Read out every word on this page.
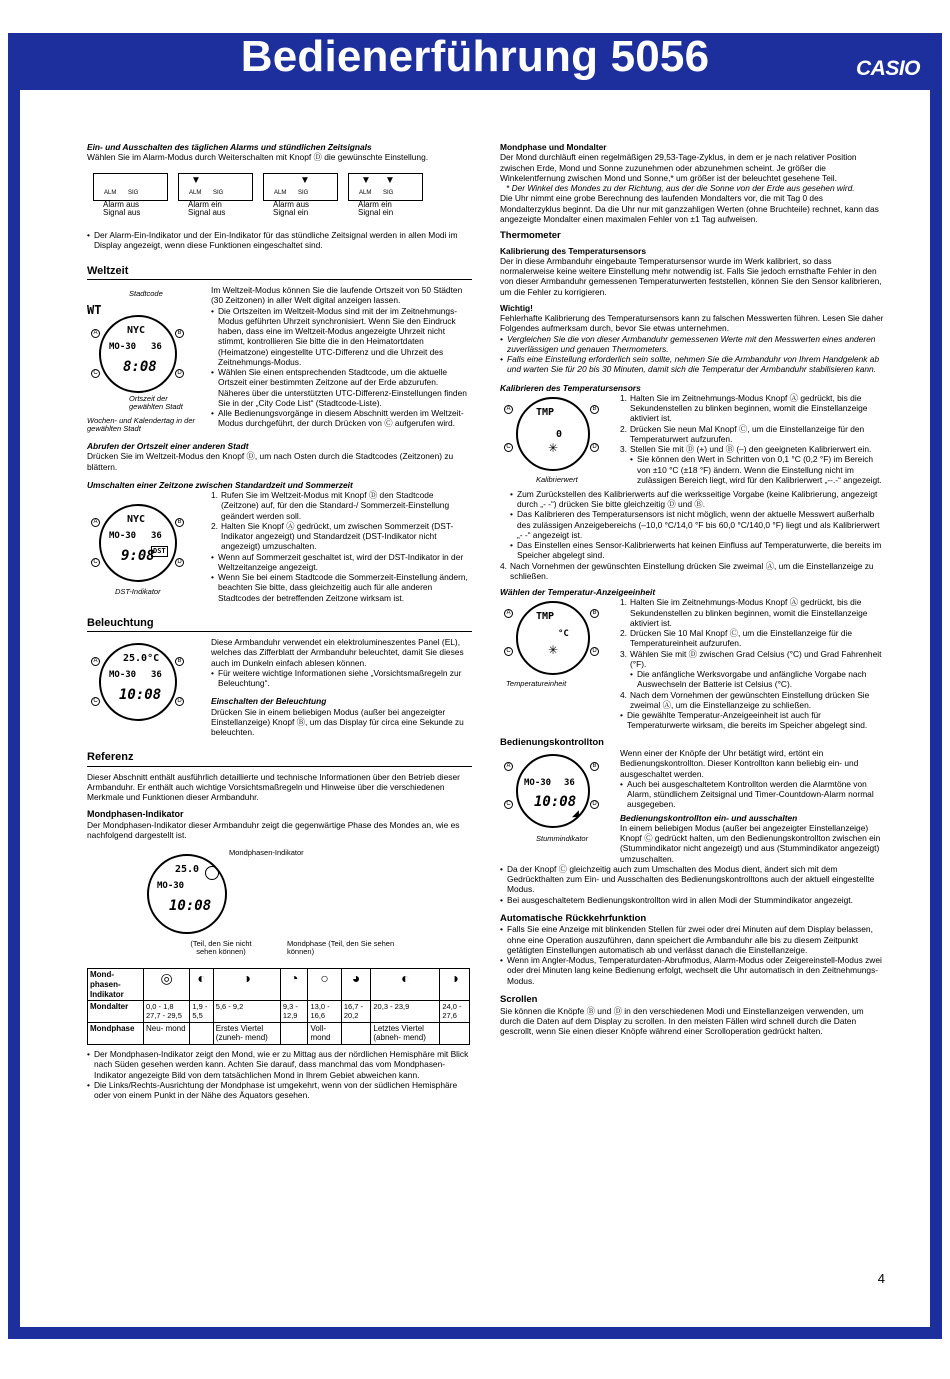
Bedienerführung 5056	CASIO

Ein- und Ausschalten des täglichen Alarms und stündlichen Zeitsignals

Wählen Sie im Alarm-Modus durch Weiterschalten mit Knopf Ⓓ die gewünschte Einstellung.

ALM SIG
▼
ALM SIG
▼
ALM SIG
▼ ▼
ALM SIG
Alarm aus
Signal aus
Alarm ein
Signal aus
Alarm aus
Signal ein
Alarm ein
Signal ein
• Der Alarm-Ein-Indikator und der Ein-Indikator für das stündliche Zeitsignal werden in allen Modi im Display angezeigt, wenn diese Funktionen eingeschaltet sind.
Weltzeit
WT
Stadtcode
NYC
MO-30 36
8:08
A	B
C	D
Ortszeit der gewählten Stadt
Wochen- und Kalendertag in der gewählten Stadt

Im Weltzeit-Modus können Sie die laufende Ortszeit von 50 Städten (30 Zeitzonen) in aller Welt digital anzeigen lassen.

• Die Ortszeiten im Weltzeit-Modus sind mit der im Zeitnehmungs-Modus geführten Uhrzeit synchronisiert. Wenn Sie den Eindruck haben, dass eine im Weltzeit-Modus angezeigte Uhrzeit nicht stimmt, kontrollieren Sie bitte die in den Heimatortdaten (Heimatzone) eingestellte UTC-Differenz und die Uhrzeit des Zeitnehmungs-Modus.
• Wählen Sie einen entsprechenden Stadtcode, um die aktuelle Ortszeit einer bestimmten Zeitzone auf der Erde abzurufen. Näheres über die unterstützten UTC-Differenz-Einstellungen finden Sie in der „City Code List“ (Stadtcode-Liste).
• Alle Bedienungsvorgänge in diesem Abschnitt werden im Weltzeit-Modus durchgeführt, der durch Drücken von Ⓒ aufgerufen wird.

Abrufen der Ortszeit einer anderen Stadt

Drücken Sie im Weltzeit-Modus den Knopf Ⓓ, um nach Osten durch die Stadtcodes (Zeitzonen) zu blättern.

Umschalten einer Zeitzone zwischen Standardzeit und Sommerzeit

NYC
MO-30 36
9:08
DST
A	B
C	D
DST-Indikator
1. Rufen Sie im Weltzeit-Modus mit Knopf Ⓓ den Stadtcode (Zeitzone) auf, für den die Standard-/ Sommerzeit-Einstellung geändert werden soll.
2. Halten Sie Knopf Ⓐ gedrückt, um zwischen Sommerzeit (DST-Indikator angezeigt) und Standardzeit (DST-Indikator nicht angezeigt) umzuschalten.
• Wenn auf Sommerzeit geschaltet ist, wird der DST-Indikator in der Weltzeitanzeige angezeigt.
• Wenn Sie bei einem Stadtcode die Sommerzeit-Einstellung ändern, beachten Sie bitte, dass gleichzeitig auch für alle anderen Stadtcodes der betreffenden Zeitzone wirksam ist.
Beleuchtung
25.0°C
MO-30 36
10:08
A	B
C	D

Diese Armbanduhr verwendet ein elektrolumineszentes Panel (EL), welches das Zifferblatt der Armbanduhr beleuchtet, damit Sie dieses auch im Dunkeln einfach ablesen können.

• Für weitere wichtige Informationen siehe „Vorsichtsmaßregeln zur Beleuchtung“.

Einschalten der Beleuchtung

Drücken Sie in einem beliebigen Modus (außer bei angezeigter Einstellanzeige) Knopf Ⓑ, um das Display für circa eine Sekunde zu beleuchten.

Referenz

Dieser Abschnitt enthält ausführlich detaillierte und technische Informationen über den Betrieb dieser Armbanduhr. Er enthält auch wichtige Vorsichtsmaßregeln und Hinweise über die verschiedenen Merkmale und Funktionen dieser Armbanduhr.

Mondphasen-Indikator

Der Mondphasen-Indikator dieser Armbanduhr zeigt die gegenwärtige Phase des Mondes an, wie es nachfolgend dargestellt ist.

25.0
MO-30
10:08
Mondphasen-Indikator
(Teil, den Sie nicht sehen können)
Mondphase (Teil, den Sie sehen können)
Mond- phasen- Indikator	◎	◐	◑	◔	○	◕	◐	◑
Mondalter	0,0 - 1,8 27,7 - 29,5	1,9 - 5,5	5,6 - 9,2	9,3 - 12,9	13,0 - 16,6	16,7 - 20,2	20,3 - 23,9	24,0 - 27,6
Mondphase	Neu- mond		Erstes Viertel (zuneh- mend)		Voll- mond		Letztes Viertel (abneh- mend)	
• Der Mondphasen-Indikator zeigt den Mond, wie er zu Mittag aus der nördlichen Hemisphäre mit Blick nach Süden gesehen werden kann. Achten Sie darauf, dass manchmal das vom Mondphasen-Indikator angezeigte Bild von dem tatsächlichen Mond in Ihrem Gebiet abweichen kann.
• Die Links/Rechts-Ausrichtung der Mondphase ist umgekehrt, wenn von der südlichen Hemisphäre oder von einem Punkt in der Nähe des Äquators gesehen.

Mondphase und Mondalter

Der Mond durchläuft einen regelmäßigen 29,53-Tage-Zyklus, in dem er je nach relativer Position zwischen Erde, Mond und Sonne zuzunehmen oder abzunehmen scheint. Je größer die Winkelentfernung zwischen Mond und Sonne,* um größer ist der beleuchtet gesehene Teil.

* Der Winkel des Mondes zu der Richtung, aus der die Sonne von der Erde aus gesehen wird.

Die Uhr nimmt eine grobe Berechnung des laufenden Mondalters vor, die mit Tag 0 des Mondalterzyklus beginnt. Da die Uhr nur mit ganzzahligen Werten (ohne Bruchteile) rechnet, kann das angezeigte Mondalter einen maximalen Fehler von ±1 Tag aufweisen.

Thermometer

Kalibrierung des Temperatursensors

Der in diese Armbanduhr eingebaute Temperatursensor wurde im Werk kalibriert, so dass normalerweise keine weitere Einstellung mehr notwendig ist. Falls Sie jedoch ernsthafte Fehler in den von dieser Armbanduhr gemessenen Temperaturwerten feststellen, können Sie den Sensor kalibrieren, um die Fehler zu korrigieren.

Wichtig!

Fehlerhafte Kalibrierung des Temperatursensors kann zu falschen Messwerten führen. Lesen Sie daher Folgendes aufmerksam durch, bevor Sie etwas unternehmen.

• Vergleichen Sie die von dieser Armbanduhr gemessenen Werte mit den Messwerten eines anderen zuverlässigen und genauen Thermometers.
• Falls eine Einstellung erforderlich sein sollte, nehmen Sie die Armbanduhr von Ihrem Handgelenk ab und warten Sie für 20 bis 30 Minuten, damit sich die Temperatur der Armbanduhr stabilisieren kann.

Kalibrieren des Temperatursensors

TMP
0
✳
A	B
C	D
Kalibrierwert
1. Halten Sie im Zeitnehmungs-Modus Knopf Ⓐ gedrückt, bis die Sekundenstellen zu blinken beginnen, womit die Einstellanzeige aktiviert ist.
2. Drücken Sie neun Mal Knopf Ⓒ, um die Einstellanzeige für den Temperaturwert aufzurufen.
3. Stellen Sie mit Ⓓ (+) und Ⓑ (–) den geeigneten Kalibrierwert ein.
• Sie können den Wert in Schritten von 0,1 °C (0,2 °F) im Bereich von ±10 °C (±18 °F) ändern. Wenn die Einstellung nicht im zulässigen Bereich liegt, wird für den Kalibrierwert „--.-“ angezeigt.
• Zum Zurückstellen des Kalibrierwerts auf die werksseitige Vorgabe (keine Kalibrierung, angezeigt durch „- -“) drücken Sie bitte gleichzeitig Ⓓ und Ⓑ.
• Das Kalibrieren des Temperatursensors ist nicht möglich, wenn der aktuelle Messwert außerhalb des zulässigen Anzeigebereichs (–10,0 °C/14,0 °F bis 60,0 °C/140,0 °F) liegt und als Kalibrierwert „- -“ angezeigt ist.
• Das Einstellen eines Sensor-Kalibrierwerts hat keinen Einfluss auf Temperaturwerte, die bereits im Speicher abgelegt sind.
4. Nach Vornehmen der gewünschten Einstellung drücken Sie zweimal Ⓐ, um die Einstellanzeige zu schließen.

Wählen der Temperatur-Anzeigeeinheit

TMP
°C
✳
A	B
C	D
Temperatureinheit
1. Halten Sie im Zeitnehmungs-Modus Knopf Ⓐ gedrückt, bis die Sekundenstellen zu blinken beginnen, womit die Einstellanzeige aktiviert ist.
2. Drücken Sie 10 Mal Knopf Ⓒ, um die Einstellanzeige für die Temperatureinheit aufzurufen.
3. Wählen Sie mit Ⓓ zwischen Grad Celsius (°C) und Grad Fahrenheit (°F).
• Die anfängliche Werksvorgabe und anfängliche Vorgabe nach Auswechseln der Batterie ist Celsius (°C).
4. Nach dem Vornehmen der gewünschten Einstellung drücken Sie zweimal Ⓐ, um die Einstellanzeige zu schließen.
• Die gewählte Temperatur-Anzeigeeinheit ist auch für Temperaturwerte wirksam, die bereits im Speicher abgelegt sind.

Bedienungskontrollton

MO-30 36
10:08
◢
A	B
C	D
Stummindikator

Wenn einer der Knöpfe der Uhr betätigt wird, ertönt ein Bedienungskontrollton. Dieser Kontrollton kann beliebig ein- und ausgeschaltet werden.

• Auch bei ausgeschaltetem Kontrollton werden die Alarmtöne von Alarm, stündlichem Zeitsignal und Timer-Countdown-Alarm normal ausgegeben.

Bedienungskontrollton ein- und ausschalten

In einem beliebigen Modus (außer bei angezeigter Einstellanzeige) Knopf Ⓒ gedrückt halten, um den Bedienungskontrollton zwischen ein (Stummindikator nicht angezeigt) und aus (Stummindikator angezeigt) umzuschalten.

• Da der Knopf Ⓒ gleichzeitig auch zum Umschalten des Modus dient, ändert sich mit dem Gedrückthalten zum Ein- und Ausschalten des Bedienungskontrolltons auch der aktuell eingestellte Modus.
• Bei ausgeschaltetem Bedienungskontrollton wird in allen Modi der Stummindikator angezeigt.

Automatische Rückkehrfunktion

• Falls Sie eine Anzeige mit blinkenden Stellen für zwei oder drei Minuten auf dem Display belassen, ohne eine Operation auszuführen, dann speichert die Armbanduhr alle bis zu diesem Zeitpunkt getätigten Einstellungen automatisch ab und verlässt danach die Einstellanzeige.
• Wenn im Angler-Modus, Temperaturdaten-Abrufmodus, Alarm-Modus oder Zeigereinstell-Modus zwei oder drei Minuten lang keine Bedienung erfolgt, wechselt die Uhr automatisch in den Zeitnehmungs-Modus.

Scrollen

Sie können die Knöpfe Ⓑ und Ⓓ in den verschiedenen Modi und Einstellanzeigen verwenden, um durch die Daten auf dem Display zu scrollen. In den meisten Fällen wird schnell durch die Daten gescrollt, wenn Sie einen dieser Knöpfe während einer Scrolloperation gedrückt halten.

4
